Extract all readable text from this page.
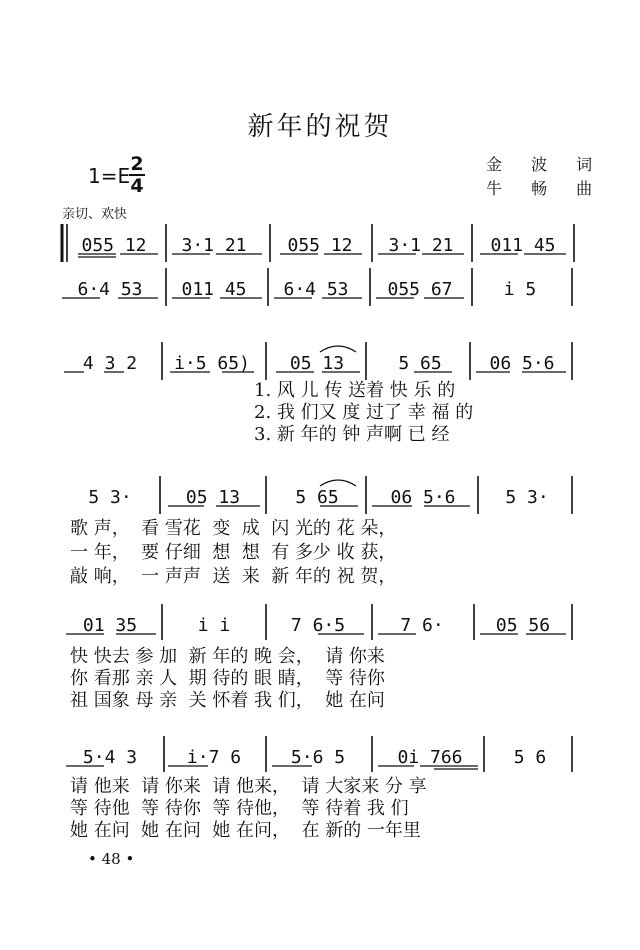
新年的祝贺
1=E 2
4
金 波 词
牛 畅 曲
亲切、欢快
055 12	3·1 21	055 12	3·1 21	011 45
6·4 53	011 45	6·4 53	055 67	i 5
4 3 2	i·5 65)	05 13	5 65	06 5·6
1. 风 儿 传 送着 快 乐 的
2. 我 们又 度 过了 幸 福 的
3. 新 年的 钟 声啊 已 经
5 3·	05 13	5 65	06 5·6	5 3·
歌 声，  看 雪花  变  成  闪 光的 花 朵，
一 年，  要 仔细  想  想  有 多少 收 获，
敲 响，  一 声声  送  来  新 年的 祝 贺，
01 35	i i	7 6·5	7 6·	05 56
快 快去 参 加  新 年的 晚 会，  请 你来
你 看那 亲 人  期 待的 眼 睛，  等 待你
祖 国象 母 亲  关 怀着 我 们，  她 在问
5·4 3	i·7 6	5·6 5	0i 766	5 6
请 他来  请 你来  请 他来，  请 大家来 分 享
等 待他  等 待你  等 待他，  等 待着 我 们
她 在问  她 在问  她 在问，  在 新的 一年里
• 48 •
